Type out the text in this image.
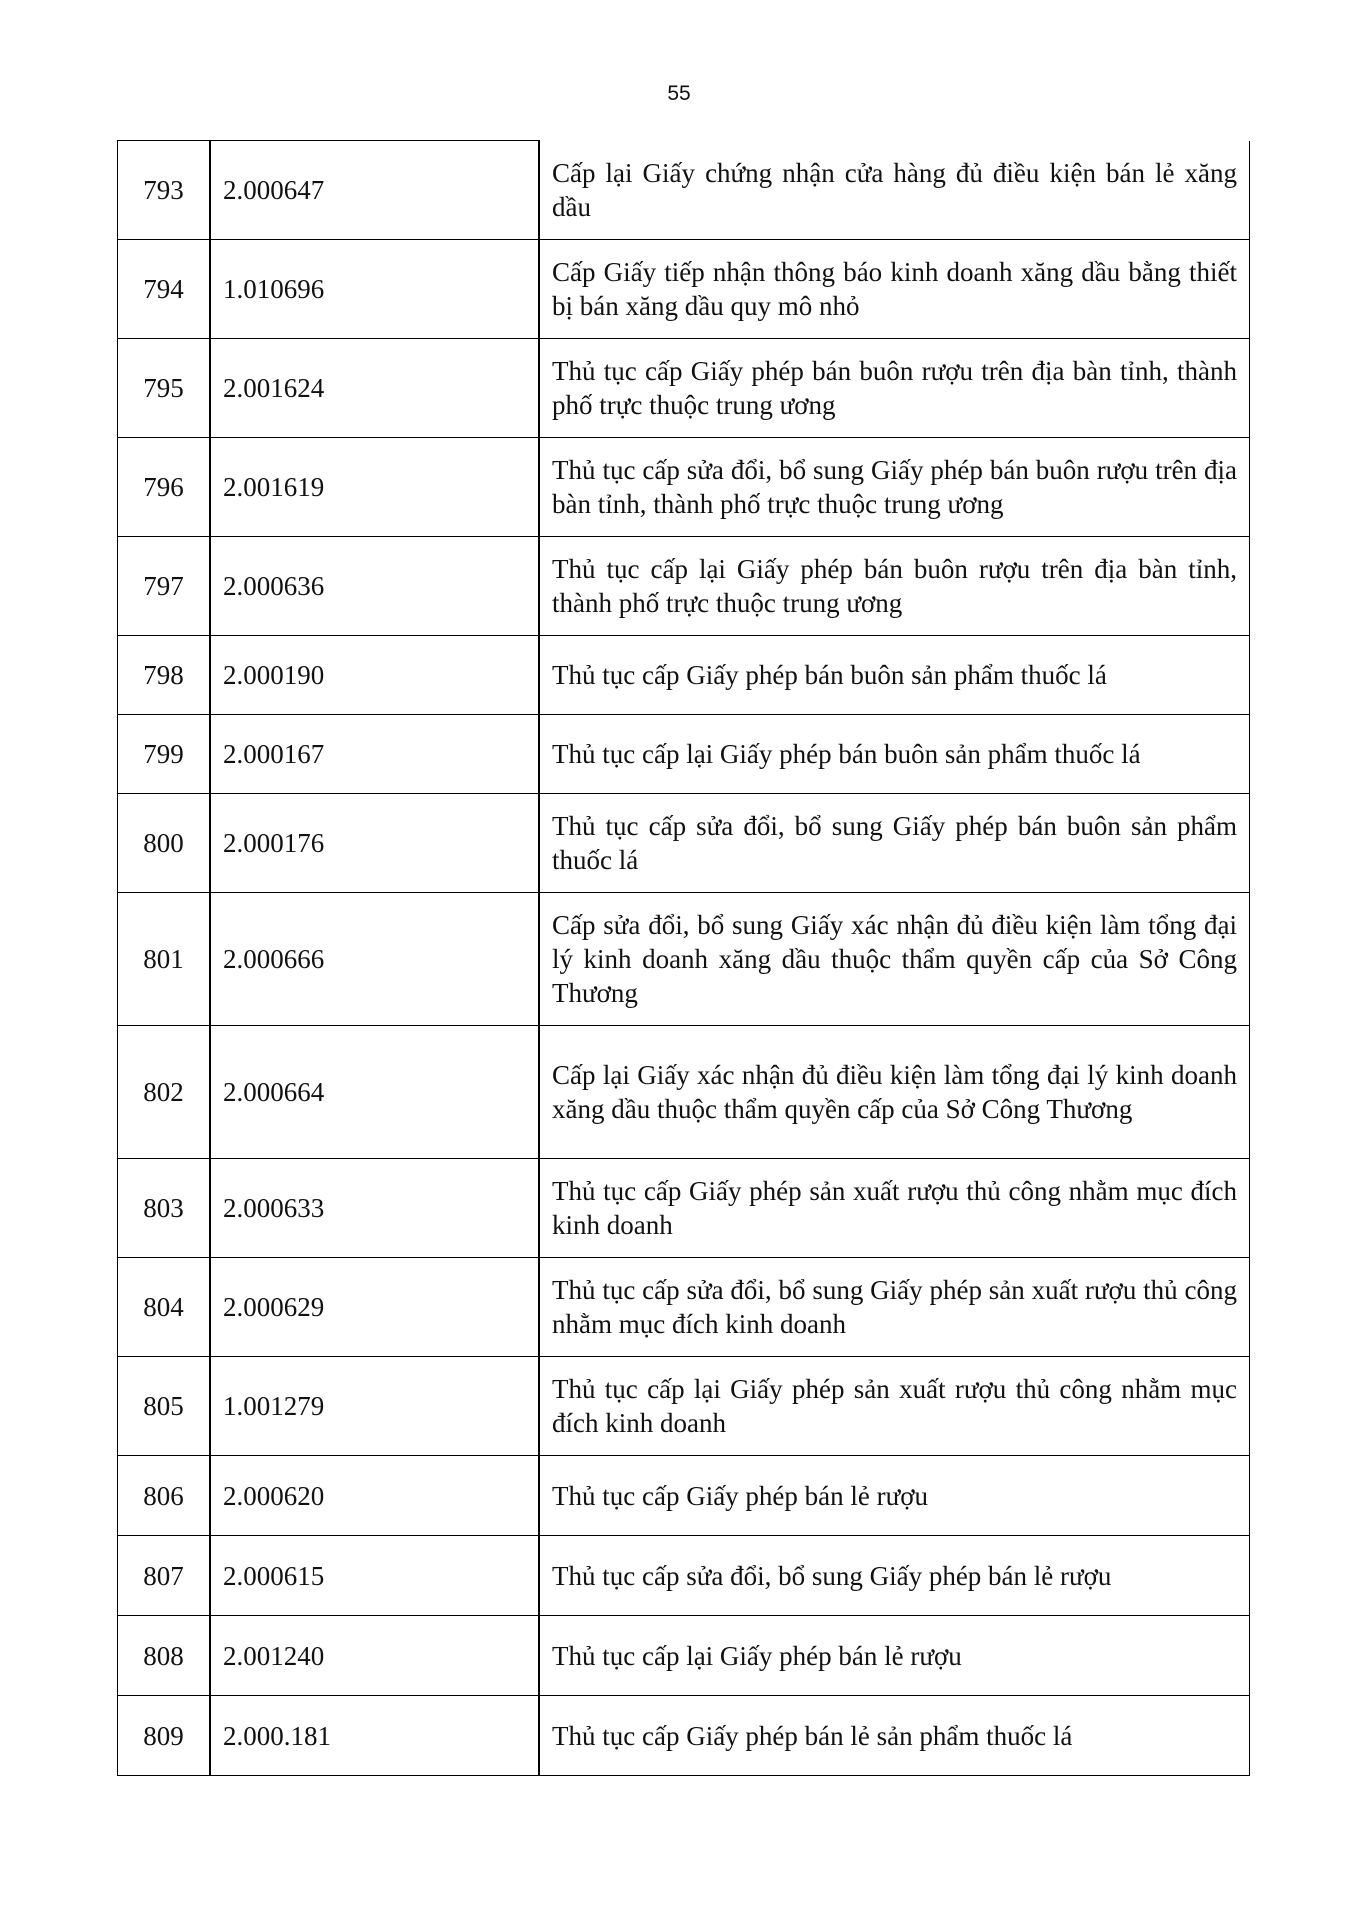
55
793	2.000647	Cấp lại Giấy chứng nhận cửa hàng đủ điều kiện bán lẻ xăng dầu
794	1.010696	Cấp Giấy tiếp nhận thông báo kinh doanh xăng dầu bằng thiết bị bán xăng dầu quy mô nhỏ
795	2.001624	Thủ tục cấp Giấy phép bán buôn rượu trên địa bàn tỉnh, thành phố trực thuộc trung ương
796	2.001619	Thủ tục cấp sửa đổi, bổ sung Giấy phép bán buôn rượu trên địa bàn tỉnh, thành phố trực thuộc trung ương
797	2.000636	Thủ tục cấp lại Giấy phép bán buôn rượu trên địa bàn tỉnh, thành phố trực thuộc trung ương
798	2.000190	Thủ tục cấp Giấy phép bán buôn sản phẩm thuốc lá
799	2.000167	Thủ tục cấp lại Giấy phép bán buôn sản phẩm thuốc lá
800	2.000176	Thủ tục cấp sửa đổi, bổ sung Giấy phép bán buôn sản phẩm thuốc lá
801	2.000666	Cấp sửa đổi, bổ sung Giấy xác nhận đủ điều kiện làm tổng đại lý kinh doanh xăng dầu thuộc thẩm quyền cấp của Sở Công Thương
802	2.000664	Cấp lại Giấy xác nhận đủ điều kiện làm tổng đại lý kinh doanh xăng dầu thuộc thẩm quyền cấp của Sở Công Thương
803	2.000633	Thủ tục cấp Giấy phép sản xuất rượu thủ công nhằm mục đích kinh doanh
804	2.000629	Thủ tục cấp sửa đổi, bổ sung Giấy phép sản xuất rượu thủ công nhằm mục đích kinh doanh
805	1.001279	Thủ tục cấp lại Giấy phép sản xuất rượu thủ công nhằm mục đích kinh doanh
806	2.000620	Thủ tục cấp Giấy phép bán lẻ rượu
807	2.000615	Thủ tục cấp sửa đổi, bổ sung Giấy phép bán lẻ rượu
808	2.001240	Thủ tục cấp lại Giấy phép bán lẻ rượu
809	2.000.181	Thủ tục cấp Giấy phép bán lẻ sản phẩm thuốc lá
